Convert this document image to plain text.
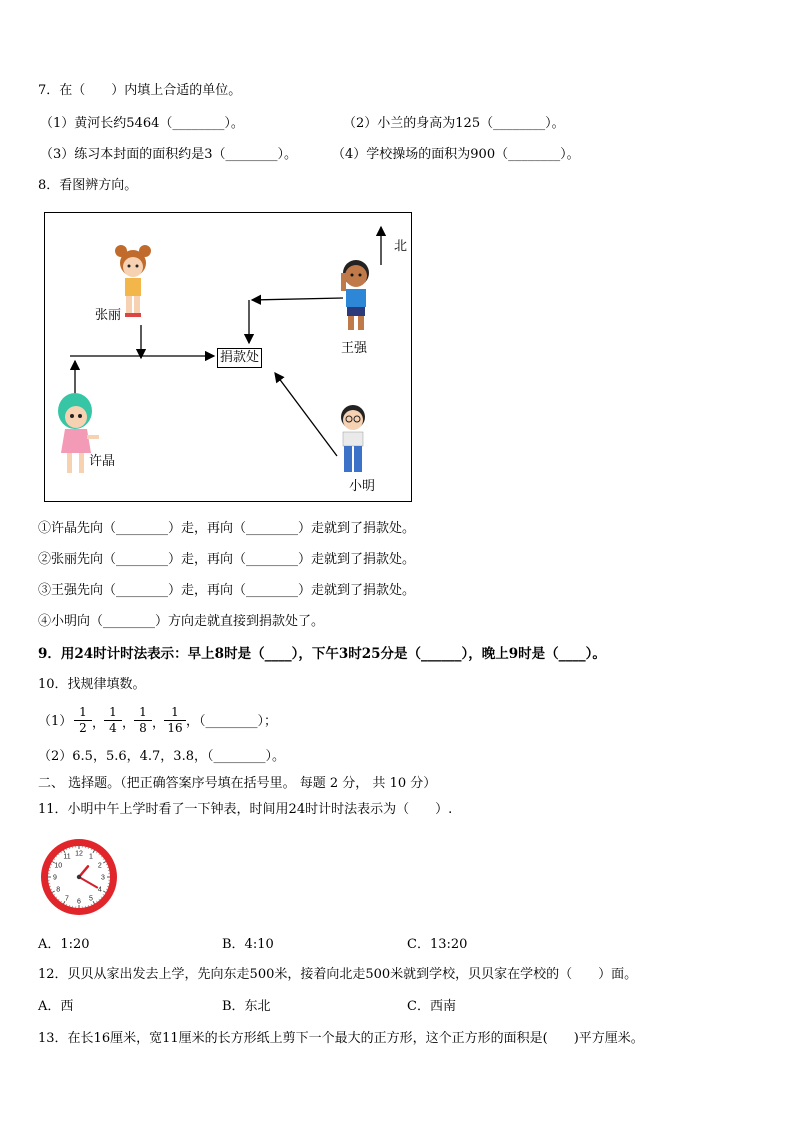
7．在（　　）内填上合适的单位。
（1）黄河长约5464（________）。	（2）小兰的身高为125（________）。
（3）练习本封面的面积约是3（________）。	（4）学校操场的面积为900（________）。
8．看图辨方向。
北
捐款处
张丽
王强
许晶
小明
①许晶先向（________）走，再向（________）走就到了捐款处。
②张丽先向（________）走，再向（________）走就到了捐款处。
③王强先向（________）走，再向（________）走就到了捐款处。
④小明向（________）方向走就直接到捐款处了。
9．用24时计时法表示：早上8时是（____），下午3时25分是（______），晚上9时是（____）。
10．找规律填数。
（1）
1
2 ，
1
4 ，
1
8 ，
1
16 ，（________）；
（2）6.5，5.6，4.7，3.8，（________）。
二、 选择题。（把正确答案序号填在括号里。 每题 2 分， 共 10 分）
11．小明中午上学时看了一下钟表，时间用24时计时法表示为（　　）.
12 1
2
3
4
5
6
7
8
9
10
11
A．1:20	B．4:10	C．13:20
12．贝贝从家出发去上学，先向东走500米，接着向北走500米就到学校，贝贝家在学校的（　　）面。
A．西	B．东北	C．西南
13．在长16厘米，宽11厘米的长方形纸上剪下一个最大的正方形，这个正方形的面积是(　　)平方厘米。
